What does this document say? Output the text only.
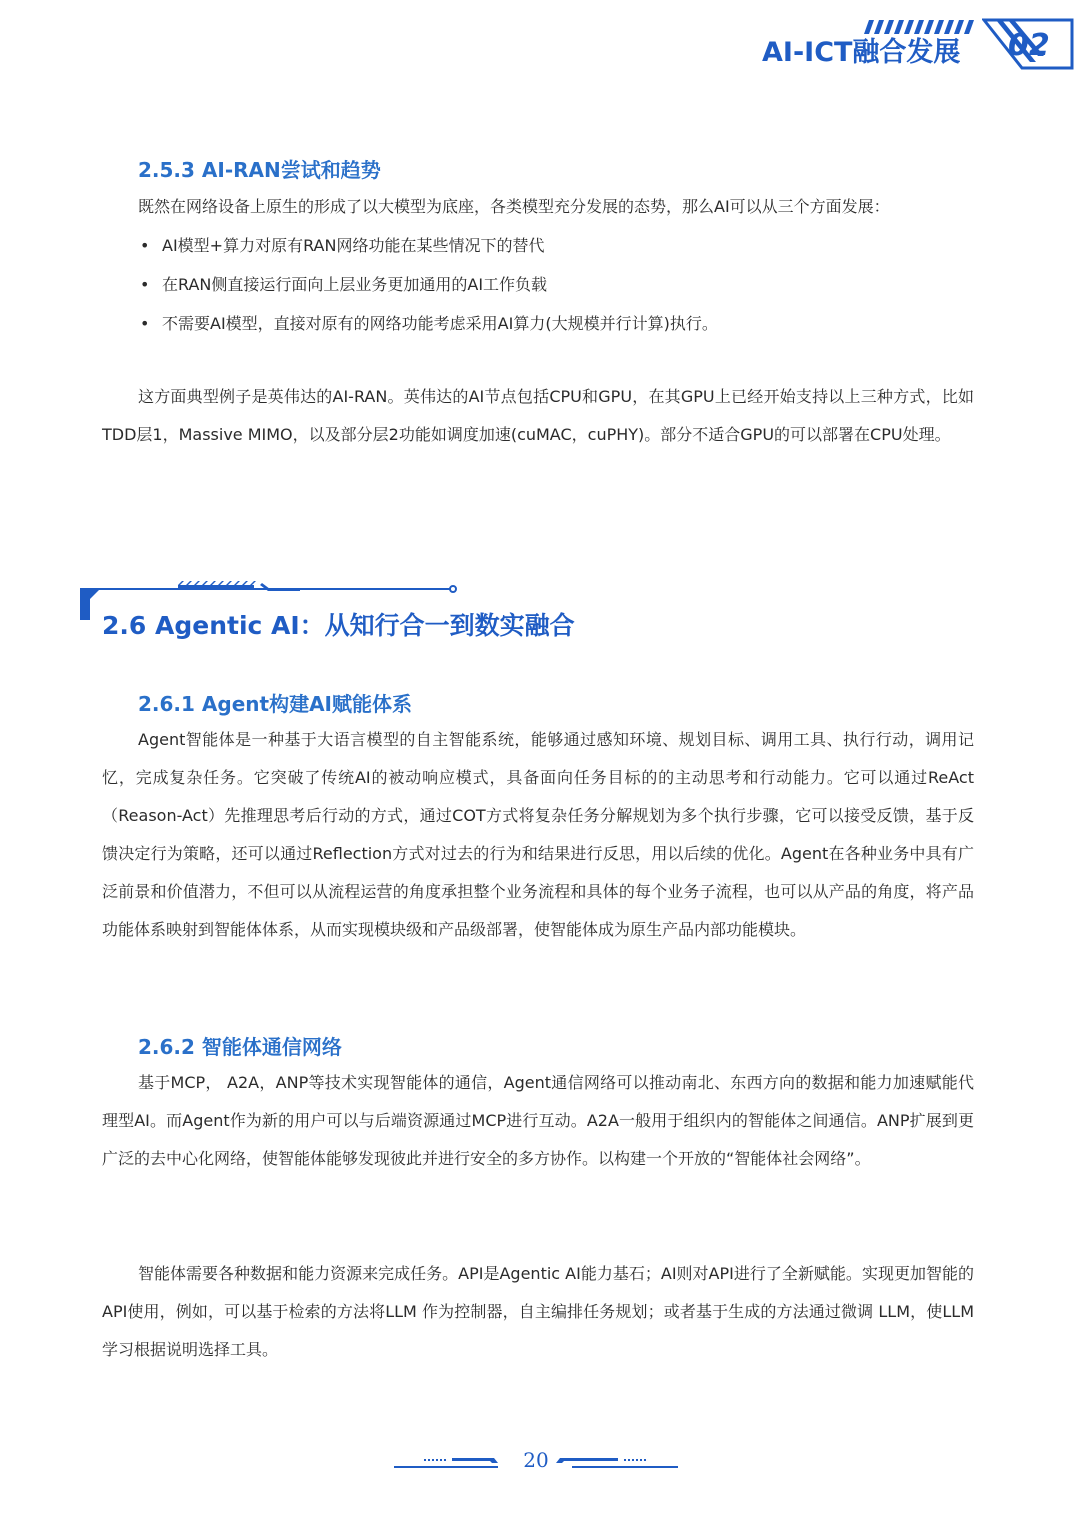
AI-ICT融合发展 02
2.5.3 AI-RAN尝试和趋势
既然在网络设备上原生的形成了以大模型为底座，各类模型充分发展的态势，那么AI可以从三个方面发展：
• AI模型+算力对原有RAN网络功能在某些情况下的替代
• 在RAN侧直接运行面向上层业务更加通用的AI工作负载
• 不需要AI模型，直接对原有的网络功能考虑采用AI算力(大规模并行计算)执行。
这方面典型例子是英伟达的AI-RAN。英伟达的AI节点包括CPU和GPU，在其GPU上已经开始支持以上三种方式，比如TDD层1，Massive MIMO，以及部分层2功能如调度加速(cuMAC，cuPHY)。部分不适合GPU的可以部署在CPU处理。
2.6 Agentic AI：从知行合一到数实融合
2.6.1 Agent构建AI赋能体系
Agent智能体是一种基于大语言模型的自主智能系统，能够通过感知环境、规划目标、调用工具、执行行动，调用记忆，完成复杂任务。它突破了传统AI的被动响应模式，具备面向任务目标的的主动思考和行动能力。它可以通过ReAct（Reason-Act）先推理思考后行动的方式，通过COT方式将复杂任务分解规划为多个执行步骤，它可以接受反馈，基于反馈决定行为策略，还可以通过Reflection方式对过去的行为和结果进行反思，用以后续的优化。Agent在各种业务中具有广泛前景和价值潜力，不但可以从流程运营的角度承担整个业务流程和具体的每个业务子流程，也可以从产品的角度，将产品功能体系映射到智能体体系，从而实现模块级和产品级部署，使智能体成为原生产品内部功能模块。
2.6.2 智能体通信网络
基于MCP， A2A，ANP等技术实现智能体的通信，Agent通信网络可以推动南北、东西方向的数据和能力加速赋能代理型AI。而Agent作为新的用户可以与后端资源通过MCP进行互动。A2A一般用于组织内的智能体之间通信。ANP扩展到更广泛的去中心化网络，使智能体能够发现彼此并进行安全的多方协作。以构建一个开放的“智能体社会网络”。
智能体需要各种数据和能力资源来完成任务。API是Agentic AI能力基石；AI则对API进行了全新赋能。实现更加智能的API使用，例如，可以基于检索的方法将LLM 作为控制器，自主编排任务规划；或者基于生成的方法通过微调 LLM，使LLM学习根据说明选择工具。
20
